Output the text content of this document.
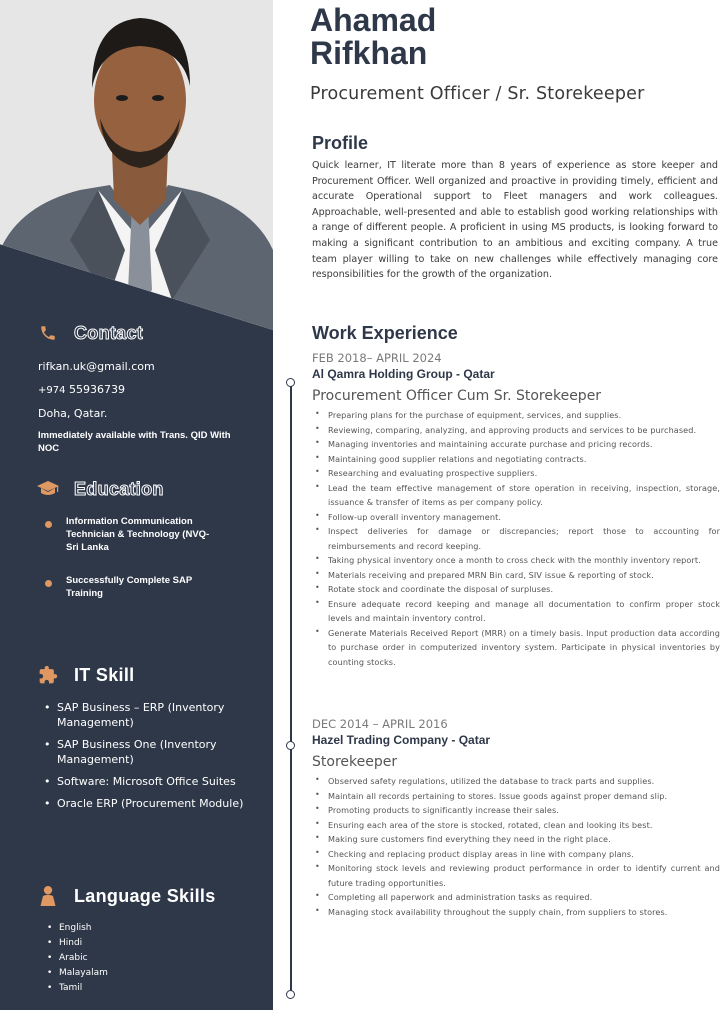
Contact
rifkan.uk@gmail.com
+974 55936739
Doha, Qatar.
Immediately available with Trans. QID With NOC
Education
Information Communication Technician & Technology (NVQ-Sri Lanka
Successfully Complete SAP Training
IT Skill
• SAP Business – ERP (Inventory Management)
• SAP Business One (Inventory Management)
• Software: Microsoft Office Suites
• Oracle ERP (Procurement Module)
Language Skills
• English
• Hindi
• Arabic
• Malayalam
• Tamil
Ahamad
Rifkhan
Procurement Officer / Sr. Storekeeper
Profile
Quick learner, IT literate more than 8 years of experience as store keeper and Procurement Officer. Well organized and proactive in providing timely, efficient and accurate Operational support to Fleet managers and work colleagues. Approachable, well-presented and able to establish good working relationships with a range of different people. A proficient in using MS products, is looking forward to making a significant contribution to an ambitious and exciting company. A true team player willing to take on new challenges while effectively managing core responsibilities for the growth of the organization.
Work Experience
FEB 2018– APRIL 2024
Al Qamra Holding Group - Qatar
Procurement Officer Cum Sr. Storekeeper
• Preparing plans for the purchase of equipment, services, and supplies.
• Reviewing, comparing, analyzing, and approving products and services to be purchased.
• Managing inventories and maintaining accurate purchase and pricing records.
• Maintaining good supplier relations and negotiating contracts.
• Researching and evaluating prospective suppliers.
• Lead the team effective management of store operation in receiving, inspection, storage, issuance & transfer of items as per company policy.
• Follow-up overall inventory management.
• Inspect deliveries for damage or discrepancies; report those to accounting for reimbursements and record keeping.
• Taking physical inventory once a month to cross check with the monthly inventory report.
• Materials receiving and prepared MRN Bin card, SIV issue & reporting of stock.
• Rotate stock and coordinate the disposal of surpluses.
• Ensure adequate record keeping and manage all documentation to confirm proper stock levels and maintain inventory control.
• Generate Materials Received Report (MRR) on a timely basis. Input production data according to purchase order in computerized inventory system. Participate in physical inventories by counting stocks.
DEC 2014 – APRIL 2016
Hazel Trading Company - Qatar
Storekeeper
• Observed safety regulations, utilized the database to track parts and supplies.
• Maintain all records pertaining to stores. Issue goods against proper demand slip.
• Promoting products to significantly increase their sales.
• Ensuring each area of the store is stocked, rotated, clean and looking its best.
• Making sure customers find everything they need in the right place.
• Checking and replacing product display areas in line with company plans.
• Monitoring stock levels and reviewing product performance in order to identify current and future trading opportunities.
• Completing all paperwork and administration tasks as required.
• Managing stock availability throughout the supply chain, from suppliers to stores.
